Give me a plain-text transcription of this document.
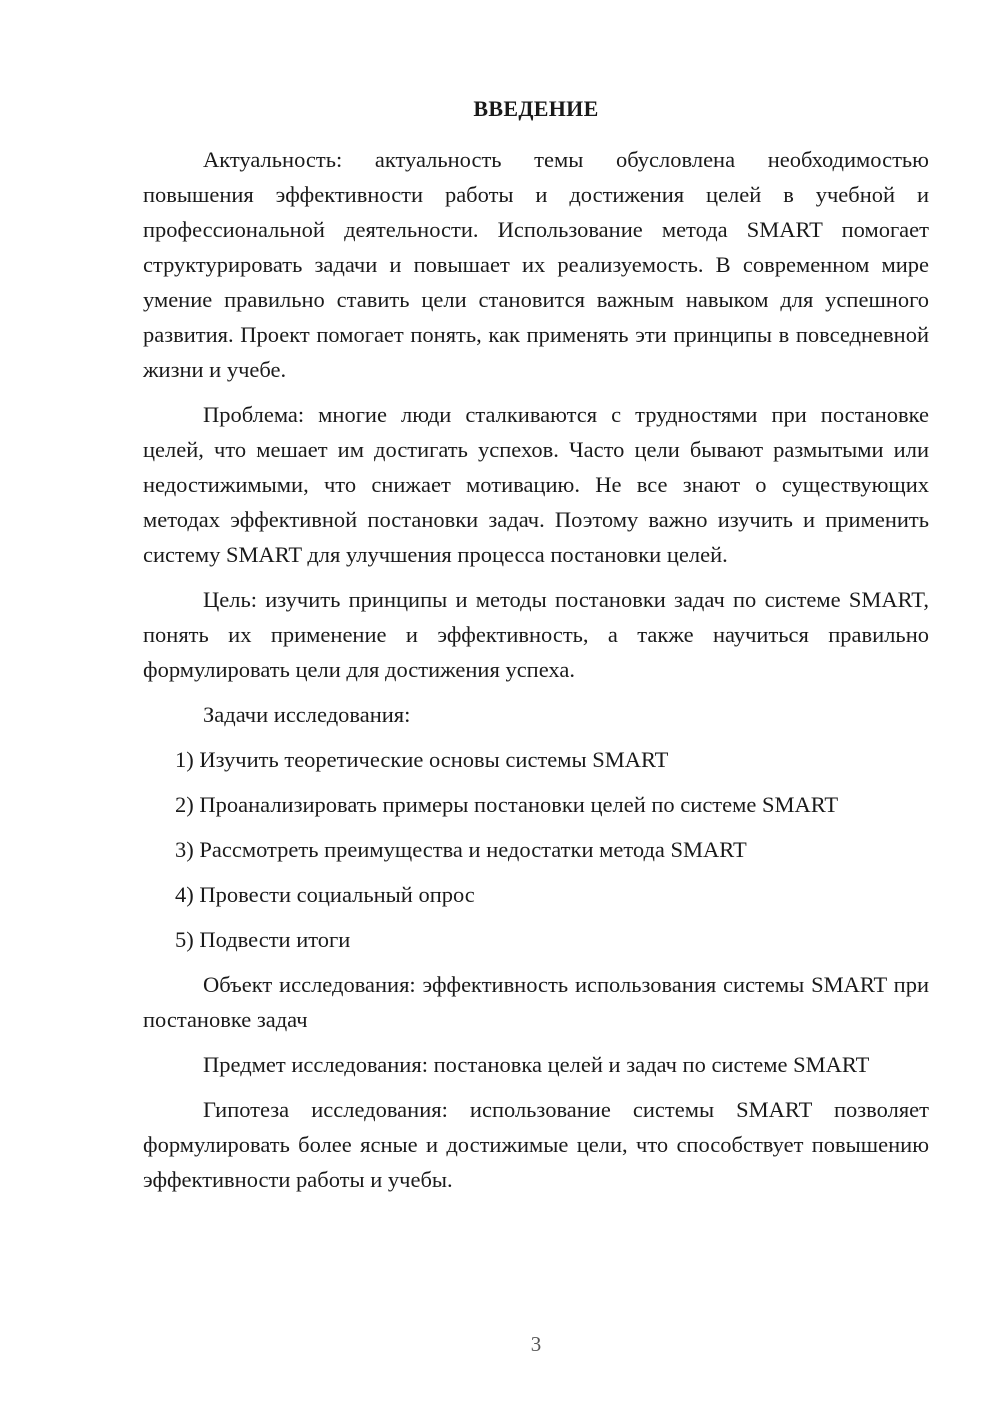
ВВЕДЕНИЕ

Актуальность: актуальность темы обусловлена необходимостью повышения эффективности работы и достижения целей в учебной и профессиональной деятельности. Использование метода SMART помогает структурировать задачи и повышает их реализуемость. В современном мире умение правильно ставить цели становится важным навыком для успешного развития. Проект помогает понять, как применять эти принципы в повседневной жизни и учебе.

Проблема: многие люди сталкиваются с трудностями при постановке целей, что мешает им достигать успехов. Часто цели бывают размытыми или недостижимыми, что снижает мотивацию. Не все знают о существующих методах эффективной постановки задач. Поэтому важно изучить и применить систему SMART для улучшения процесса постановки целей.

Цель: изучить принципы и методы постановки задач по системе SMART, понять их применение и эффективность, а также научиться правильно формулировать цели для достижения успеха.

Задачи исследования:

1) Изучить теоретические основы системы SMART
2) Проанализировать примеры постановки целей по системе SMART
3) Рассмотреть преимущества и недостатки метода SMART
4) Провести социальный опрос
5) Подвести итоги

Объект исследования: эффективность использования системы SMART при постановке задач

Предмет исследования: постановка целей и задач по системе SMART

Гипотеза исследования: использование системы SMART позволяет формулировать более ясные и достижимые цели, что способствует повышению эффективности работы и учебы.

3
